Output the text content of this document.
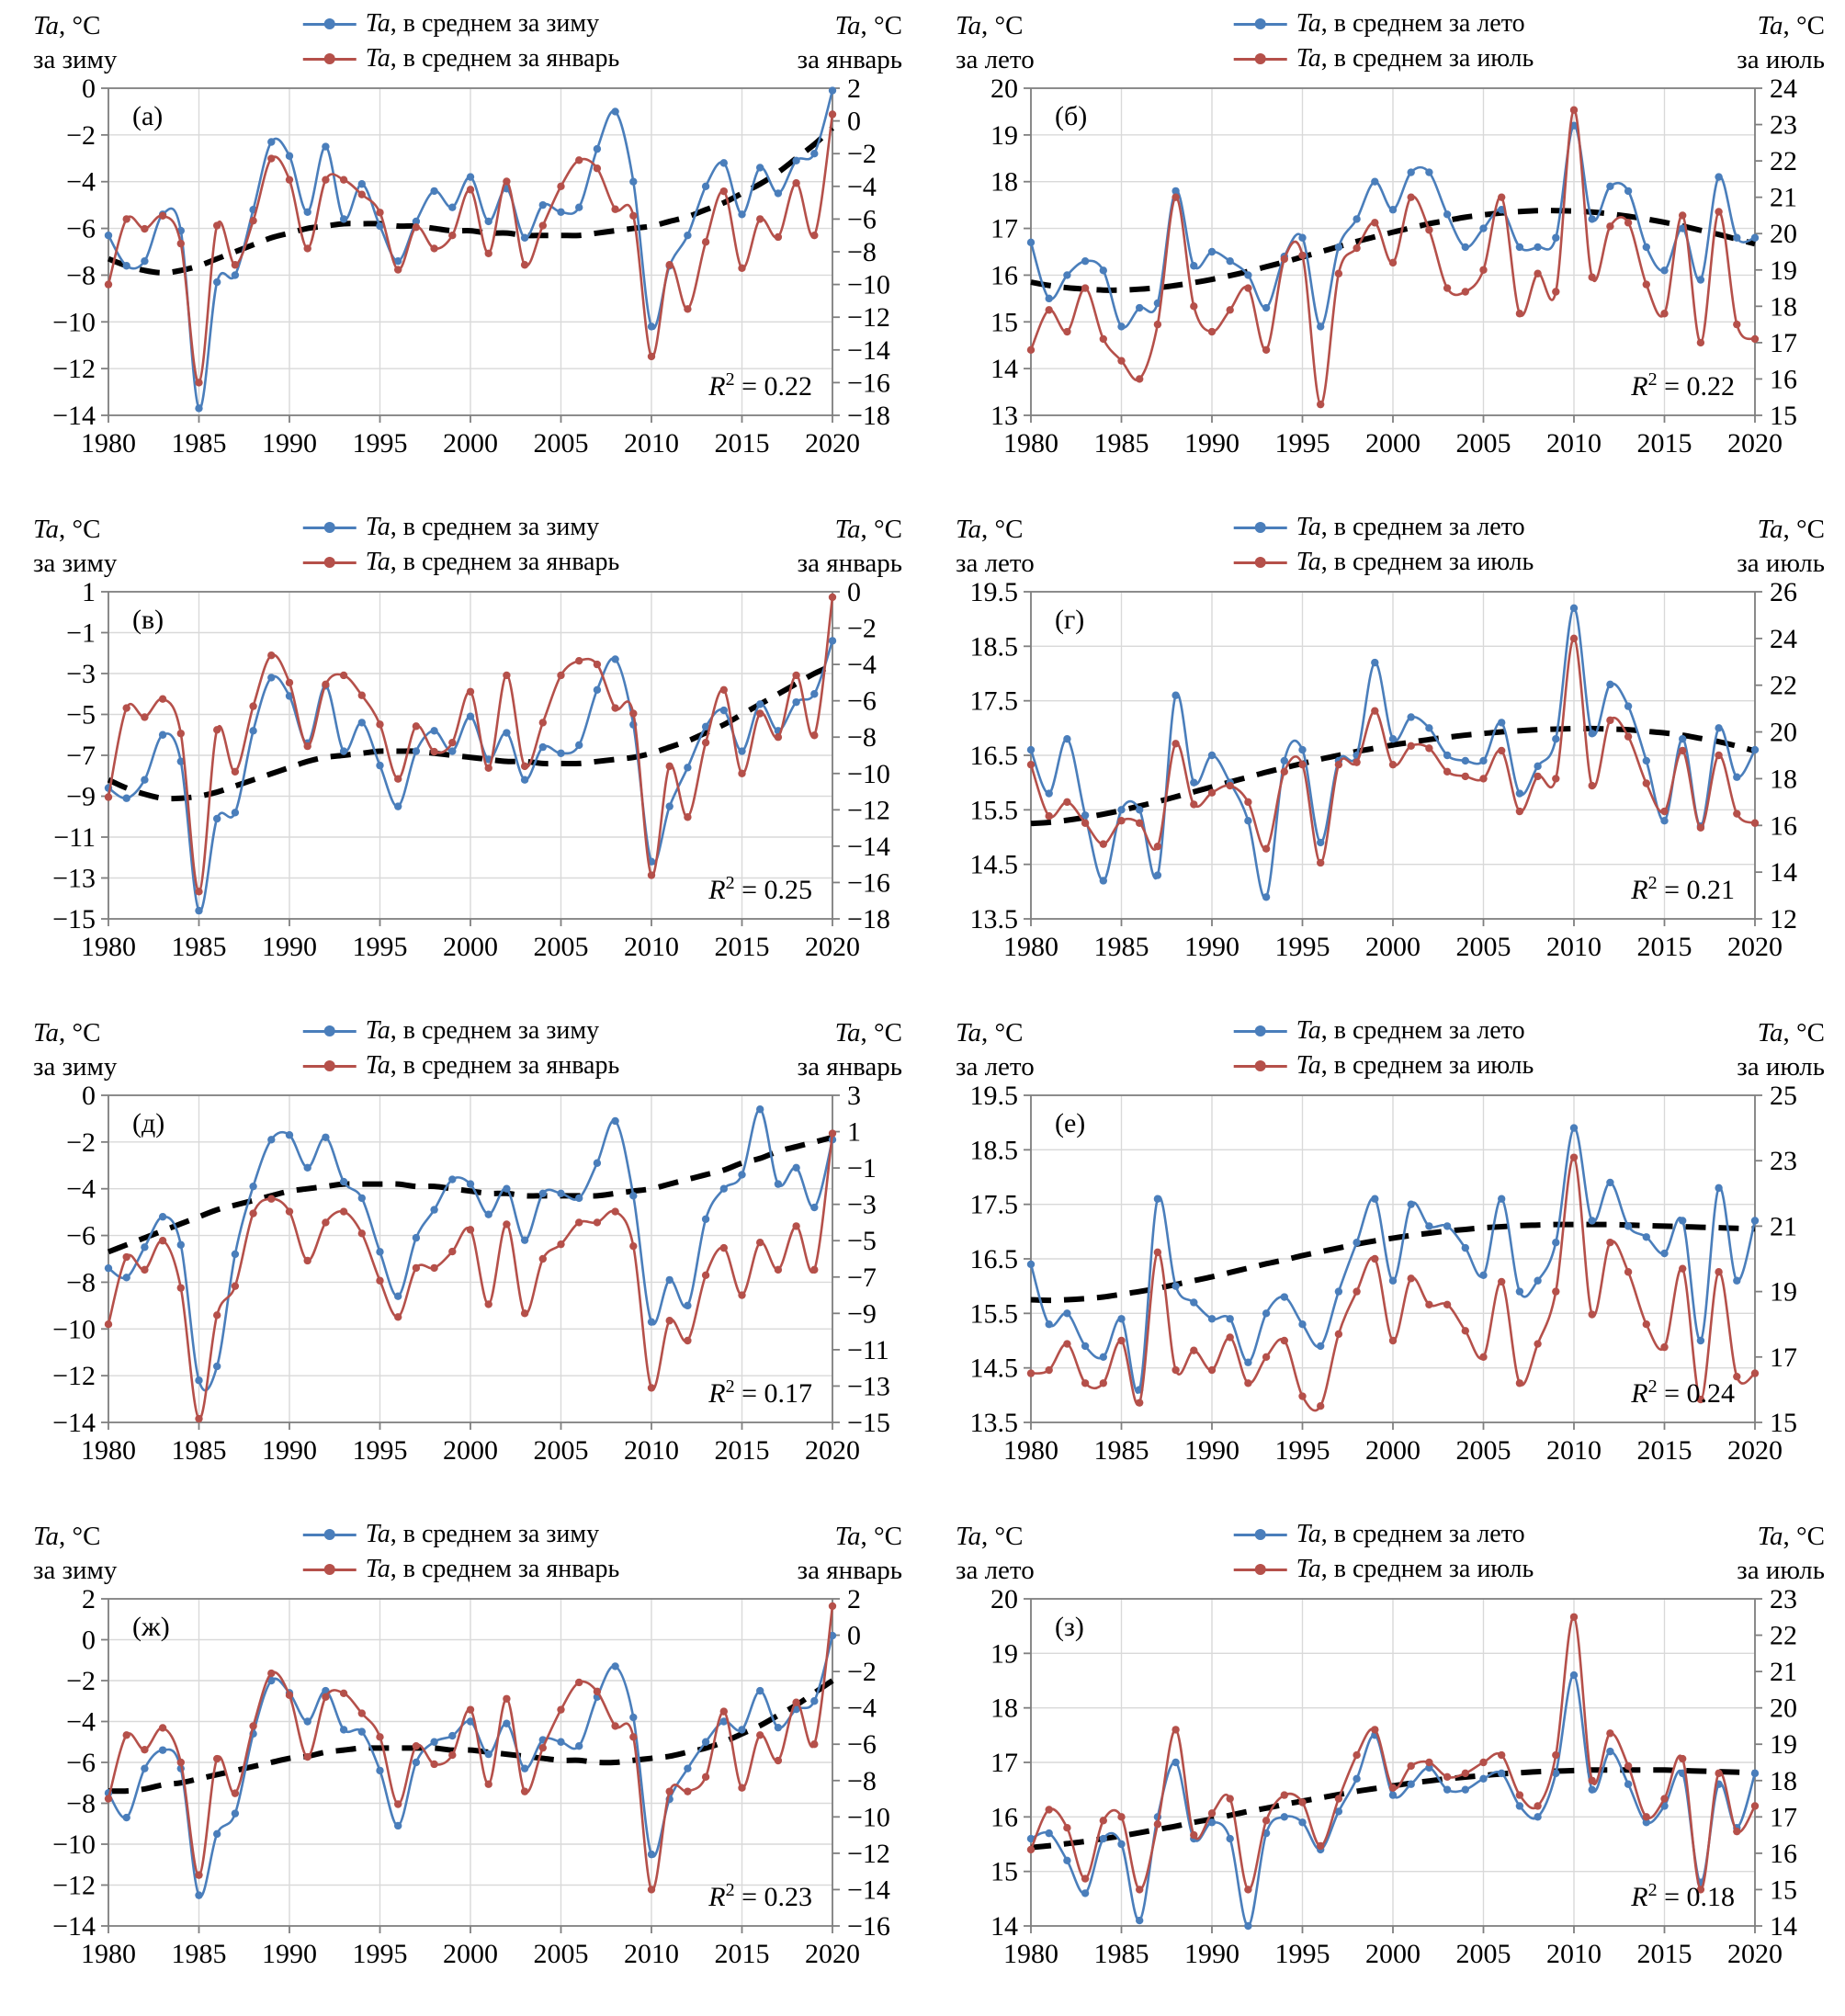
Ta, °C
за зиму
Ta, в среднем за зиму
Ta, в среднем за январь
Ta, °C
за январь
−14
−12
−10
−8
−6
−4
−2
0
−18
−16
−14
−12
−10
−8
−6
−4
−2
0
2
1980 1985 1990 1995 2000 2005 2010 2015 2020
(а)
$R^2 = 0.22$
Ta, °C
за лето
Ta, в среднем за лето
Ta, в среднем за июль
Ta, °C
за июль
13
14
15
16
17
18
19
20
15
16
17
18
19
20
21
22
23
24
1980 1985 1990 1995 2000 2005 2010 2015 2020
(б)
$R^2 = 0.22$
Ta, °C
за зиму
Ta, в среднем за зиму
Ta, в среднем за январь
Ta, °C
за январь
−15
−13
−11
−9
−7
−5
−3
−1
1
−18
−16
−14
−12
−10
−8
−6
−4
−2
0
1980 1985 1990 1995 2000 2005 2010 2015 2020
(в)
$R^2 = 0.25$
Ta, °C
за лето
Ta, в среднем за лето
Ta, в среднем за июль
Ta, °C
за июль
13.5
14.5
15.5
16.5
17.5
18.5
19.5
12
14
16
18
20
22
24
26
1980 1985 1990 1995 2000 2005 2010 2015 2020
(г)
$R^2 = 0.21$
Ta, °C
за зиму
Ta, в среднем за зиму
Ta, в среднем за январь
Ta, °C
за январь
−14
−12
−10
−8
−6
−4
−2
0
−15
−13
−11
−9
−7
−5
−3
−1
1
3
1980 1985 1990 1995 2000 2005 2010 2015 2020
(д)
$R^2 = 0.17$
Ta, °C
за лето
Ta, в среднем за лето
Ta, в среднем за июль
Ta, °C
за июль
13.5
14.5
15.5
16.5
17.5
18.5
19.5
15
17
19
21
23
25
1980 1985 1990 1995 2000 2005 2010 2015 2020
(е)
$R^2 = 0.24$
Ta, °C
за зиму
Ta, в среднем за зиму
Ta, в среднем за январь
Ta, °C
за январь
−14
−12
−10
−8
−6
−4
−2
0
2
−16
−14
−12
−10
−8
−6
−4
−2
0
2
1980 1985 1990 1995 2000 2005 2010 2015 2020
(ж)
$R^2 = 0.23$
Ta, °C
за лето
Ta, в среднем за лето
Ta, в среднем за июль
Ta, °C
за июль
14
15
16
17
18
19
20
14
15
16
17
18
19
20
21
22
23
1980 1985 1990 1995 2000 2005 2010 2015 2020
(з)
$R^2 = 0.18$
